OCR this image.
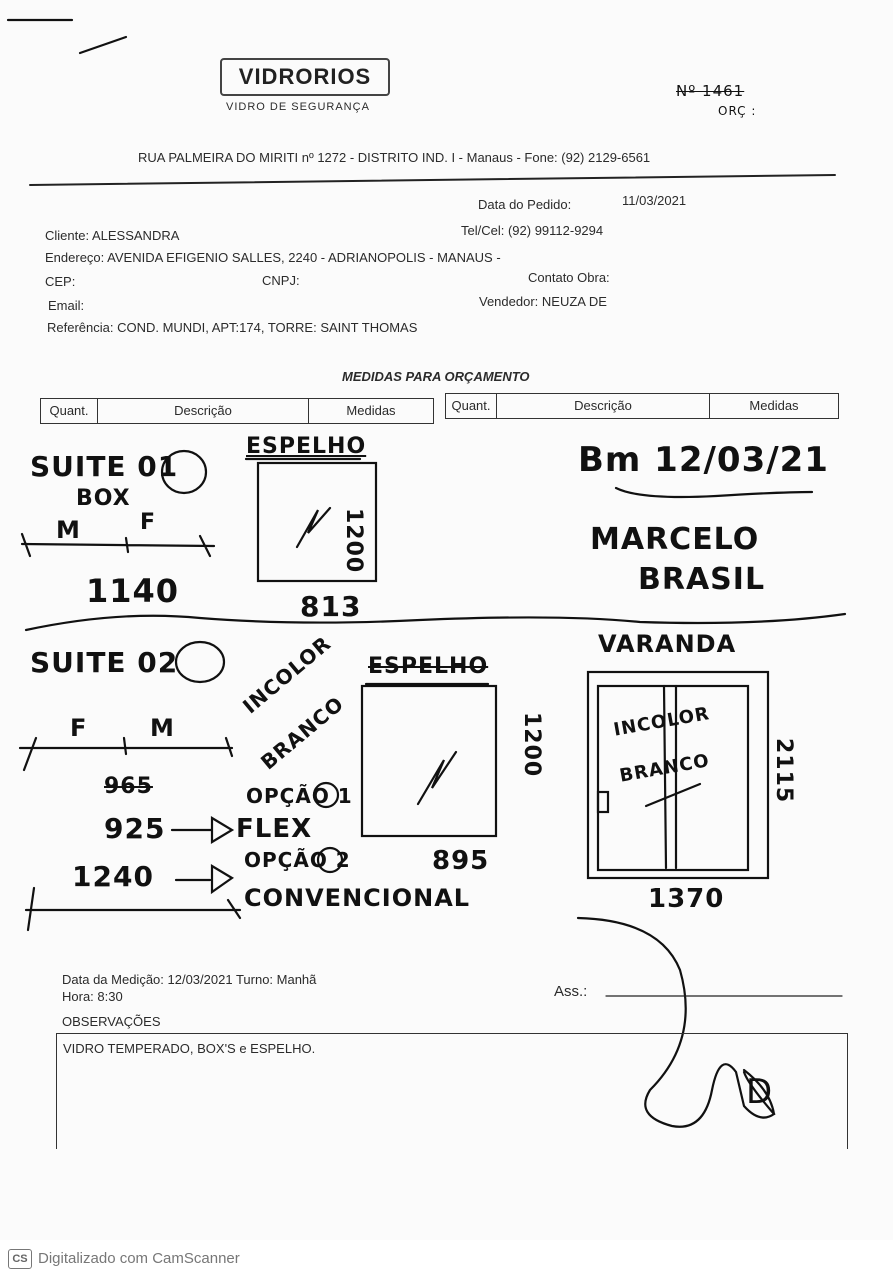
VIDRORIOS
VIDRO DE SEGURANÇA
Nº 1461
ORÇ :
RUA PALMEIRA DO MIRITI nº 1272 - DISTRITO IND. I - Manaus - Fone: (92) 2129-6561
Data do Pedido:	11/03/2021
Cliente: ALESSANDRA	Tel/Cel: (92) 99112-9294
Endereço: AVENIDA EFIGENIO SALLES, 2240 - ADRIANOPOLIS - MANAUS -
CEP:	CNPJ:	Contato Obra:
Email:	Vendedor: NEUZA DE
Referência: COND. MUNDI, APT:174, TORRE: SAINT THOMAS
MEDIDAS PARA ORÇAMENTO
Quant.	Descrição	Medidas	Quant.	Descrição	Medidas
SUITE 01
BOX
M	F
1140
ESPELHO
1200
813
Bm 12/03/21
MARCELO
BRASIL
SUITE 02
F	M
INCOLOR
BRANCO
965	OPÇÃO 1
925	FLEX
1240	OPÇÃO 2
CONVENCIONAL
ESPELHO
1200
895
VARANDA
INCOLOR
BRANCO	2115
1370
D
Data da Medição: 12/03/2021 Turno: Manhã
Hora: 8:30	Ass.:
OBSERVAÇÕES
VIDRO TEMPERADO, BOX'S e ESPELHO.
CS Digitalizado com CamScanner
